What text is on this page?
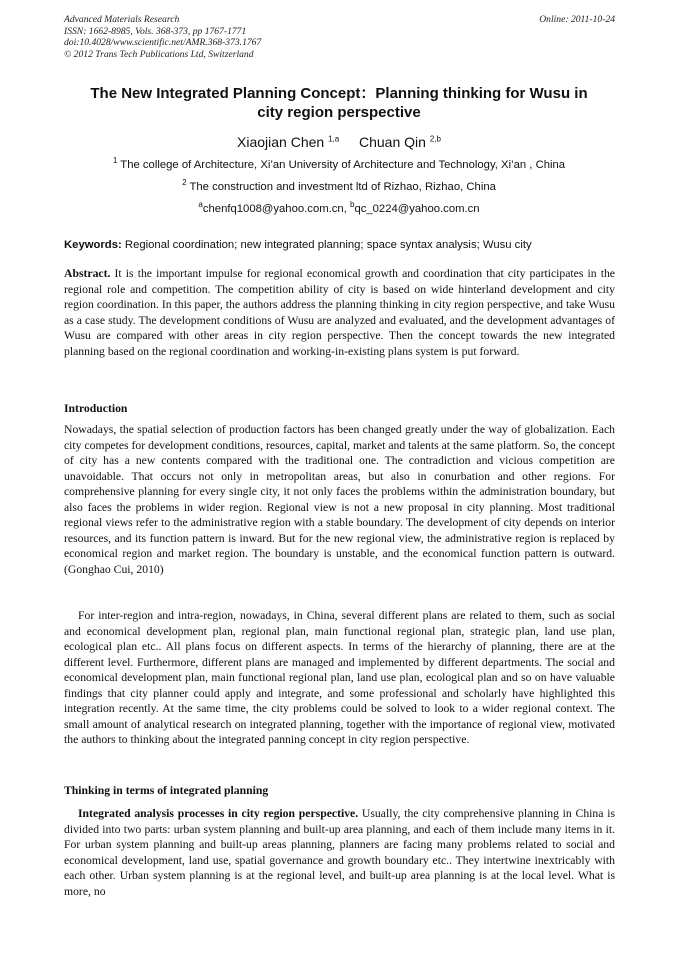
Advanced Materials Research
ISSN: 1662-8985, Vols. 368-373, pp 1767-1771
doi:10.4028/www.scientific.net/AMR.368-373.1767
© 2012 Trans Tech Publications Ltd, Switzerland
Online: 2011-10-24
The New Integrated Planning Concept：Planning thinking for Wusu in
city region perspective
Xiaojian Chen $^{1,a}$ Chuan Qin $^{2,b}$
$^1$ The college of Architecture, Xi’an University of Architecture and Technology, Xi’an , China
$^2$ The construction and investment ltd of Rizhao, Rizhao, China
$^a$chenfq1008@yahoo.com.cn, $^b$qc_0224@yahoo.com.cn
Keywords: Regional coordination; new integrated planning; space syntax analysis; Wusu city

Abstract. It is the important impulse for regional economical growth and coordination that city participates in the regional role and competition. The competition ability of city is based on wide hinterland development and city region coordination. In this paper, the authors address the planning thinking in city region perspective, and take Wusu as a case study. The development conditions of Wusu are analyzed and evaluated, and the development advantages of Wusu are compared with other areas in city region perspective. Then the concept towards the new integrated planning based on the regional coordination and working-in-existing plans system is put forward.

Introduction

Nowadays, the spatial selection of production factors has been changed greatly under the way of globalization. Each city competes for development conditions, resources, capital, market and talents at the same platform. So, the concept of city has a new contents compared with the traditional one. The contradiction and vicious competition are unavoidable. That occurs not only in metropolitan areas, but also in conurbation and other regions. For comprehensive planning for every single city, it not only faces the problems within the administration boundary, but also faces the problems in wider region. Regional view is not a new proposal in city planning. Most traditional regional views refer to the administrative region with a stable boundary. The development of city depends on interior resources, and its function pattern is inward. But for the new regional view, the administrative region is replaced by economical region and market region. The boundary is unstable, and the economical function pattern is outward. (Gonghao Cui, 2010)

For inter-region and intra-region, nowadays, in China, several different plans are related to them, such as social and economical development plan, regional plan, main functional regional plan, strategic plan, land use plan, ecological plan etc.. All plans focus on different aspects. In terms of the hierarchy of planning, there are at the different level. Furthermore, different plans are managed and implemented by different departments. The social and economical development plan, main functional regional plan, land use plan, ecological plan and so on have valuable findings that city planner could apply and integrate, and some professional and scholarly have highlighted this integration recently. At the same time, the city problems could be solved to look to a wider regional context. The small amount of analytical research on integrated planning, together with the importance of regional view, motivated the authors to thinking about the integrated panning concept in city region perspective.

Thinking in terms of integrated planning

Integrated analysis processes in city region perspective. Usually, the city comprehensive planning in China is divided into two parts: urban system planning and built-up area planning, and each of them include many items in it. For urban system planning and built-up areas planning, planners are facing many problems related to social and economical development, land use, spatial governance and growth boundary etc.. They intertwine inextricably with each other. Urban system planning is at the regional level, and built-up area planning is at the local level. What is more, no
